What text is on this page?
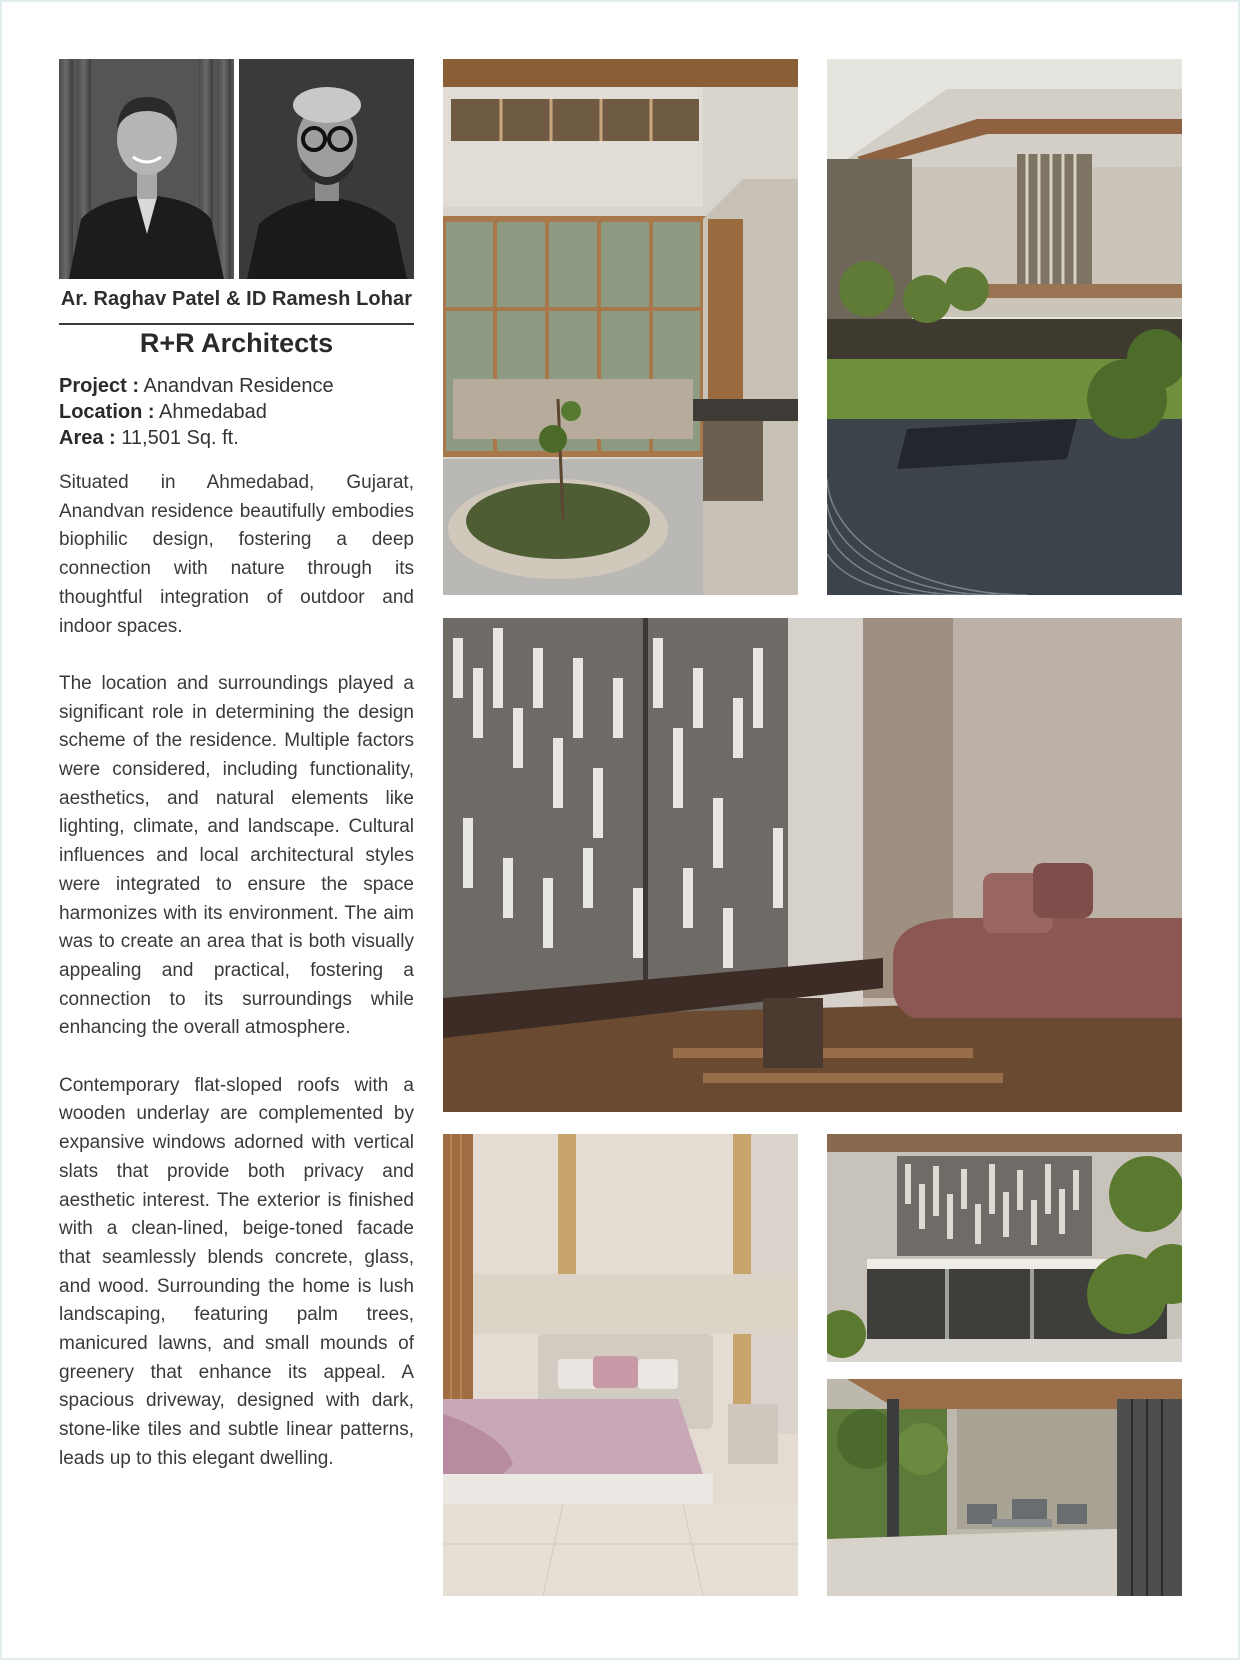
Ar. Raghav Patel & ID Ramesh Lohar
R+R Architects
Project : Anandvan Residence
Location : Ahmedabad
Area : 11,501 Sq. ft.

Situated in Ahmedabad, Gujarat, Anandvan residence beautifully embodies biophilic design, fostering a deep connection with nature through its thoughtful integration of outdoor and indoor spaces.

The location and surroundings played a significant role in determining the design scheme of the residence. Multiple factors were considered, including functionality, aesthetics, and natural elements like lighting, climate, and landscape. Cultural influences and local architectural styles were integrated to ensure the space harmonizes with its environment. The aim was to create an area that is both visually appealing and practical, fostering a connection to its surroundings while enhancing the overall atmosphere.

Contemporary flat-sloped roofs with a wooden underlay are complemented by expansive windows adorned with vertical slats that provide both privacy and aesthetic interest. The exterior is finished with a clean-lined, beige-toned facade that seamlessly blends concrete, glass, and wood. Surrounding the home is lush landscaping, featuring palm trees, manicured lawns, and small mounds of greenery that enhance its appeal. A spacious driveway, designed with dark, stone-like tiles and subtle linear patterns, leads up to this elegant dwelling.
